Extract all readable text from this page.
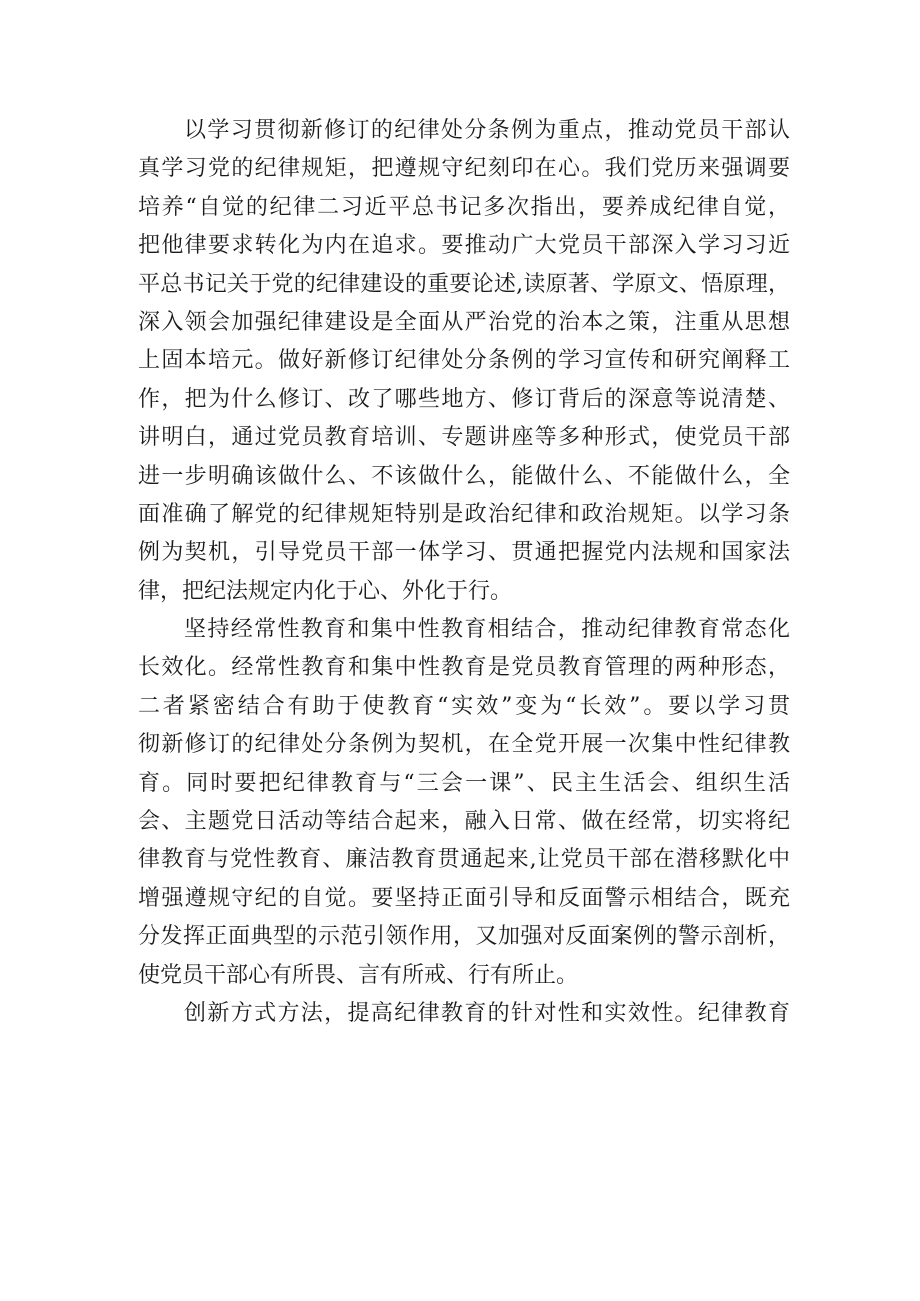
以学习贯彻新修订的纪律处分条例为重点，推动党员干部认
真学习党的纪律规矩，把遵规守纪刻印在心。我们党历来强调要
培养“自觉的纪律二习近平总书记多次指出，要养成纪律自觉，
把他律要求转化为内在追求。要推动广大党员干部深入学习习近
平总书记关于党的纪律建设的重要论述,读原著、学原文、悟原理，
深入领会加强纪律建设是全面从严治党的治本之策，注重从思想
上固本培元。做好新修订纪律处分条例的学习宣传和研究阐释工
作，把为什么修订、改了哪些地方、修订背后的深意等说清楚、
讲明白，通过党员教育培训、专题讲座等多种形式，使党员干部
进一步明确该做什么、不该做什么，能做什么、不能做什么，全
面准确了解党的纪律规矩特别是政治纪律和政治规矩。以学习条
例为契机，引导党员干部一体学习、贯通把握党内法规和国家法
律，把纪法规定内化于心、外化于行。
坚持经常性教育和集中性教育相结合，推动纪律教育常态化
长效化。经常性教育和集中性教育是党员教育管理的两种形态，
二者紧密结合有助于使教育“实效”变为“长效”。要以学习贯
彻新修订的纪律处分条例为契机，在全党开展一次集中性纪律教
育。同时要把纪律教育与“三会一课”、民主生活会、组织生活
会、主题党日活动等结合起来，融入日常、做在经常，切实将纪
律教育与党性教育、廉洁教育贯通起来,让党员干部在潜移默化中
增强遵规守纪的自觉。要坚持正面引导和反面警示相结合，既充
分发挥正面典型的示范引领作用，又加强对反面案例的警示剖析，
使党员干部心有所畏、言有所戒、行有所止。
创新方式方法，提高纪律教育的针对性和实效性。纪律教育
